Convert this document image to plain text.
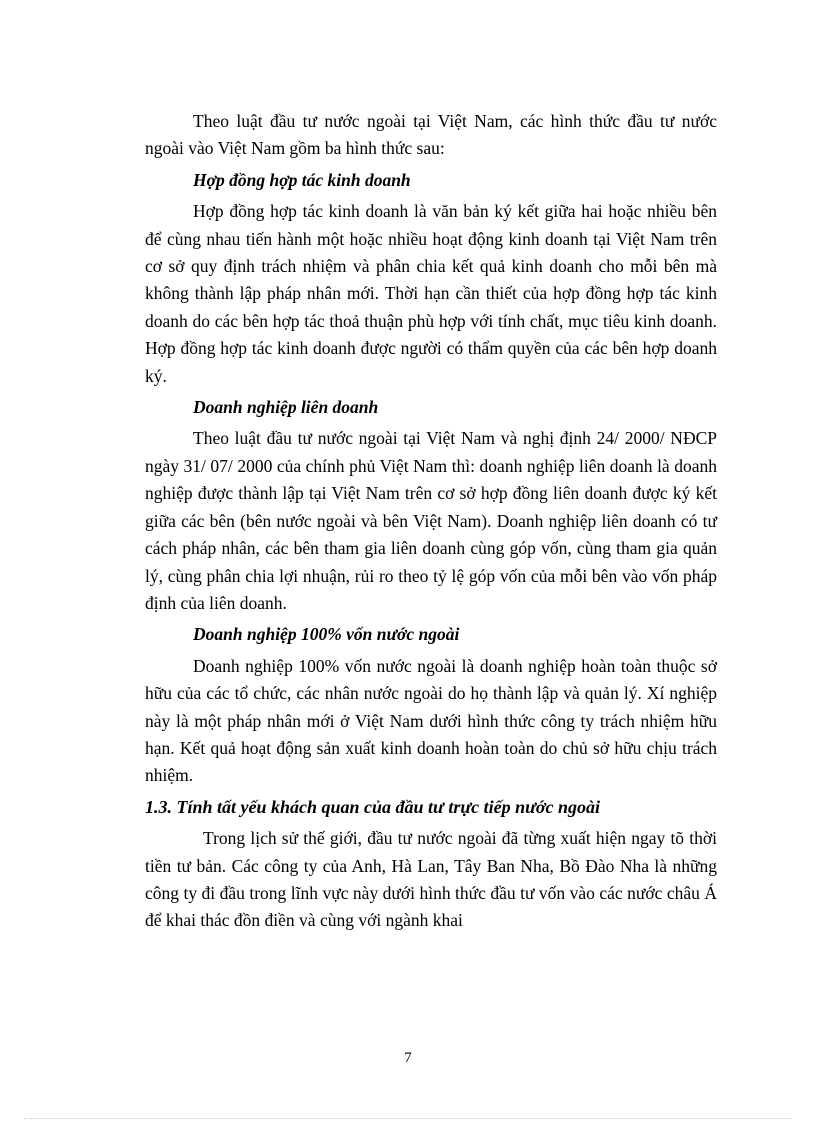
Theo luật đầu tư nước ngoài tại Việt Nam, các hình thức đầu tư nước ngoài vào Việt Nam gồm ba hình thức sau:

Hợp đồng hợp tác kinh doanh

Hợp đồng hợp tác kinh doanh là văn bản ký kết giữa hai hoặc nhiều bên để cùng nhau tiến hành một hoặc nhiều hoạt động kinh doanh tại Việt Nam trên cơ sở quy định trách nhiệm và phân chia kết quả kinh doanh cho mỗi bên mà không thành lập pháp nhân mới. Thời hạn cần thiết của hợp đồng hợp tác kinh doanh do các bên hợp tác thoả thuận phù hợp với tính chất, mục tiêu kinh doanh. Hợp đồng hợp tác kinh doanh được người có thẩm quyền của các bên hợp doanh ký.

Doanh nghiệp liên doanh

Theo luật đầu tư nước ngoài tại Việt Nam và nghị định 24/ 2000/ NĐCP ngày 31/ 07/ 2000 của chính phủ Việt Nam thì: doanh nghiệp liên doanh là doanh nghiệp được thành lập tại Việt Nam trên cơ sở hợp đồng liên doanh được ký kết giữa các bên (bên nước ngoài và bên Việt Nam). Doanh nghiệp liên doanh có tư cách pháp nhân, các bên tham gia liên doanh cùng góp vốn, cùng tham gia quản lý, cùng phân chia lợi nhuận, rủi ro theo tỷ lệ góp vốn của mỗi bên vào vốn pháp định của liên doanh.

Doanh nghiệp 100% vốn nước ngoài

Doanh nghiệp 100% vốn nước ngoài là doanh nghiệp hoàn toàn thuộc sở hữu của các tổ chức, các nhân nước ngoài do họ thành lập và quản lý. Xí nghiệp này là một pháp nhân mới ở Việt Nam dưới hình thức công ty trách nhiệm hữu hạn. Kết quả hoạt động sản xuất kinh doanh hoàn toàn do chủ sở hữu chịu trách nhiệm.

1.3. Tính tất yếu khách quan của đầu tư trực tiếp nước ngoài

Trong lịch sử thế giới, đầu tư nước ngoài đã từng xuất hiện ngay tõ thời tiền tư bản. Các công ty của Anh, Hà Lan, Tây Ban Nha, Bồ Đào Nha là những công ty đi đầu trong lĩnh vực này dưới hình thức đầu tư vốn vào các nước châu Á để khai thác đồn điền và cùng với ngành khai

7
